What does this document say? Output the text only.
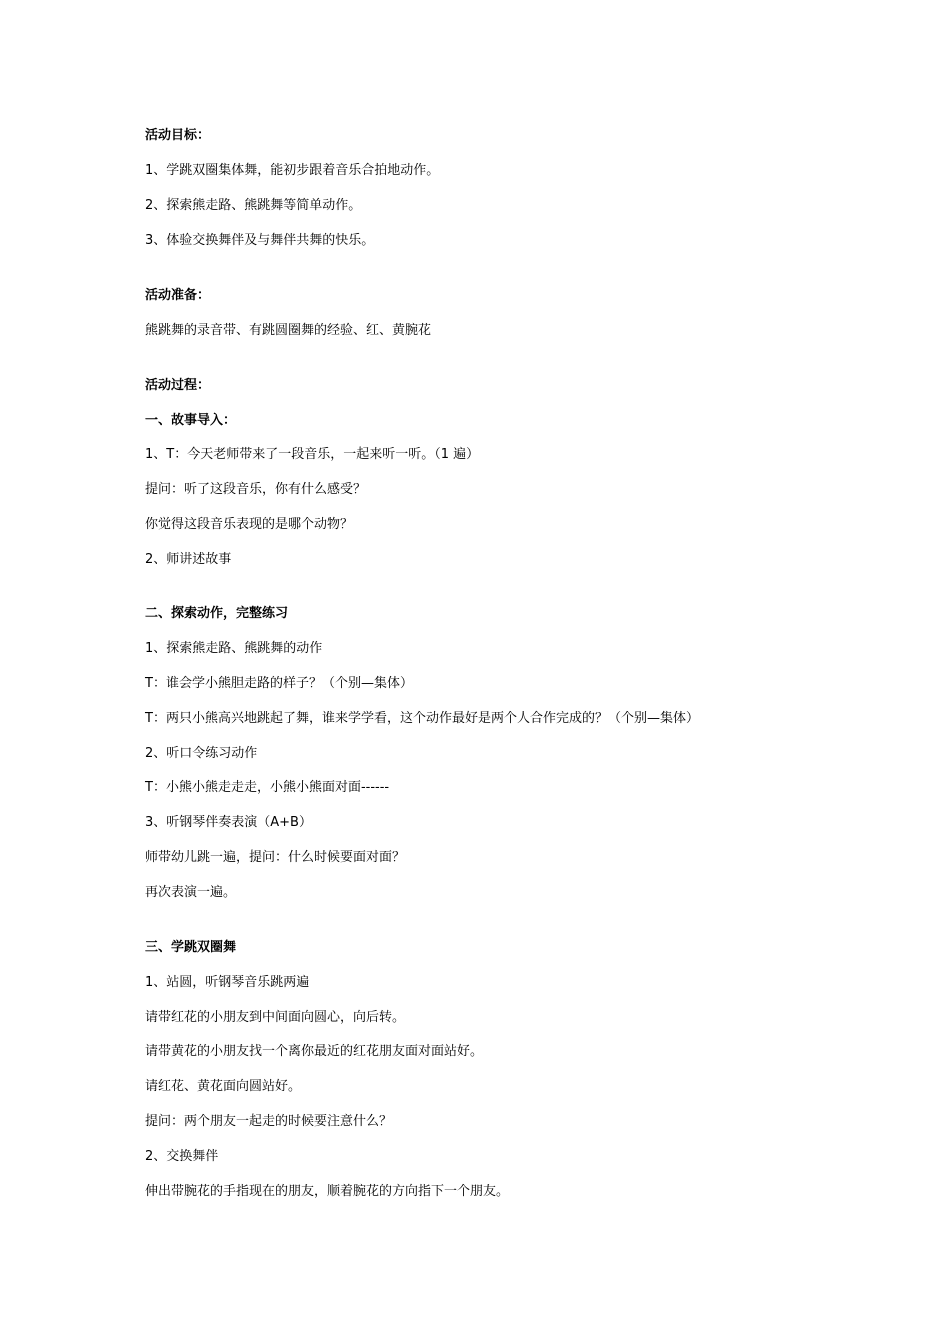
活动目标：
1、学跳双圈集体舞，能初步跟着音乐合拍地动作。
2、探索熊走路、熊跳舞等简单动作。
3、体验交换舞伴及与舞伴共舞的快乐。
活动准备：
熊跳舞的录音带、有跳圆圈舞的经验、红、黄腕花
活动过程：
一、故事导入：
1、T：今天老师带来了一段音乐，一起来听一听。（1 遍）
提问：听了这段音乐，你有什么感受？
你觉得这段音乐表现的是哪个动物？
2、师讲述故事
二、探索动作，完整练习
1、探索熊走路、熊跳舞的动作
T：谁会学小熊胆走路的样子？（个别—集体）
T：两只小熊高兴地跳起了舞，谁来学学看，这个动作最好是两个人合作完成的？（个别—集体）
2、听口令练习动作
T：小熊小熊走走走，小熊小熊面对面------
3、听钢琴伴奏表演（A+B）
师带幼儿跳一遍，提问：什么时候要面对面？
再次表演一遍。
三、学跳双圈舞
1、站圆，听钢琴音乐跳两遍
请带红花的小朋友到中间面向圆心，向后转。
请带黄花的小朋友找一个离你最近的红花朋友面对面站好。
请红花、黄花面向圆站好。
提问：两个朋友一起走的时候要注意什么？
2、交换舞伴
伸出带腕花的手指现在的朋友，顺着腕花的方向指下一个朋友。
